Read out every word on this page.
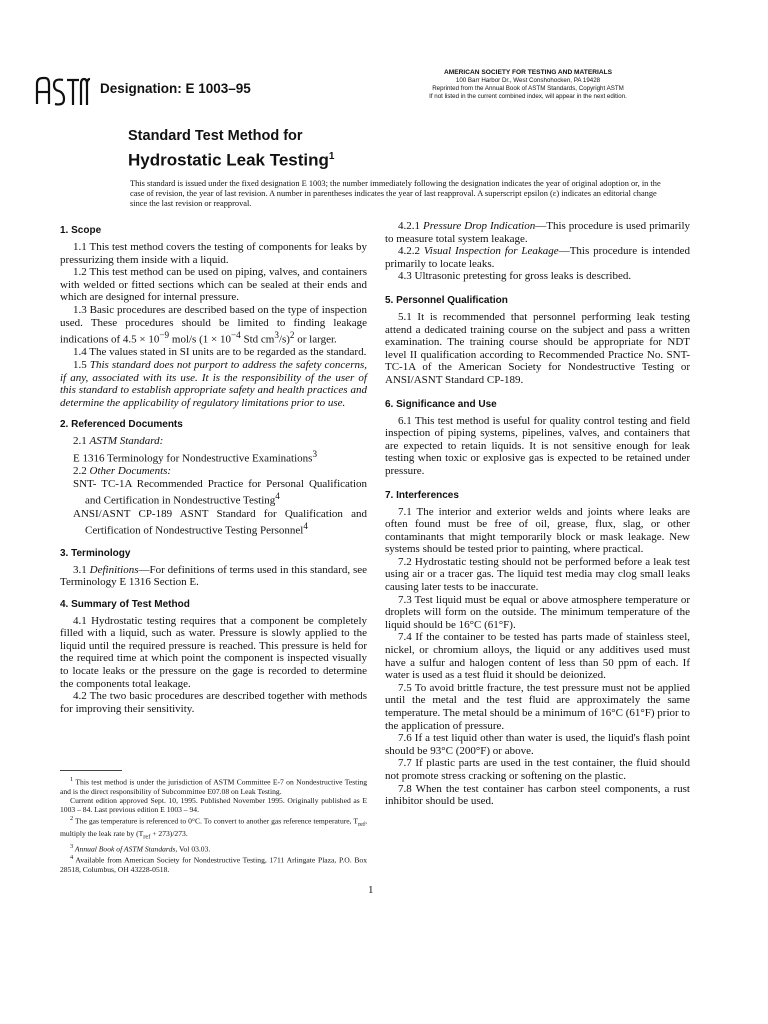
Designation: E 1003–95
AMERICAN SOCIETY FOR TESTING AND MATERIALS
100 Barr Harbor Dr., West Conshohocken, PA 19428
Reprinted from the Annual Book of ASTM Standards, Copyright ASTM
If not listed in the current combined index, will appear in the next edition.
Standard Test Method for
Hydrostatic Leak Testing$^1$
This standard is issued under the fixed designation E 1003; the number immediately following the designation indicates the year of original adoption or, in the case of revision, the year of last revision. A number in parentheses indicates the year of last reapproval. A superscript epsilon (ε) indicates an editorial change since the last revision or reapproval.
1. Scope

1.1 This test method covers the testing of components for leaks by pressurizing them inside with a liquid.

1.2 This test method can be used on piping, valves, and containers with welded or fitted sections which can be sealed at their ends and which are designed for internal pressure.

1.3 Basic procedures are described based on the type of inspection used. These procedures should be limited to finding leakage indications of $4.5 \times 10^{-9}$ mol/s ($1 \times 10^{-4}$ Std $cm^3/s)^2$ or larger.

1.4 The values stated in SI units are to be regarded as the standard.

1.5 This standard does not purport to address the safety concerns, if any, associated with its use. It is the responsibility of the user of this standard to establish appropriate safety and health practices and determine the applicability of regulatory limitations prior to use.

2. Referenced Documents

2.1 ASTM Standard:

E 1316 Terminology for Nondestructive Examinations$^3$

2.2 Other Documents:

SNT- TC-1A Recommended Practice for Personal Qualification and Certification in Nondestructive Testing$^4$

ANSI/ASNT CP-189 ASNT Standard for Qualification and Certification of Nondestructive Testing Personnel$^4$

3. Terminology

3.1 Definitions—For definitions of terms used in this standard, see Terminology E 1316 Section E.

4. Summary of Test Method

4.1 Hydrostatic testing requires that a component be completely filled with a liquid, such as water. Pressure is slowly applied to the liquid until the required pressure is reached. This pressure is held for the required time at which point the component is inspected visually to locate leaks or the pressure on the gage is recorded to determine the components total leakage.

4.2 The two basic procedures are described together with methods for improving their sensitivity.

$^1$ This test method is under the jurisdiction of ASTM Committee E-7 on Nondestructive Testing and is the direct responsibility of Subcommittee E07.08 on Leak Testing.

Current edition approved Sept. 10, 1995. Published November 1995. Originally published as E 1003 – 84. Last previous edition E 1003 – 94.

$^2$ The gas temperature is referenced to 0°C. To convert to another gas reference temperature, $T_{ref}$, multiply the leak rate by $(T_{ref} + 273)/273$.

$^3$ Annual Book of ASTM Standards, Vol 03.03.

$^4$ Available from American Society for Nondestructive Testing, 1711 Arlingate Plaza, P.O. Box 28518, Columbus, OH 43228-0518.

4.2.1 Pressure Drop Indication—This procedure is used primarily to measure total system leakage.

4.2.2 Visual Inspection for Leakage—This procedure is intended primarily to locate leaks.

4.3 Ultrasonic pretesting for gross leaks is described.

5. Personnel Qualification

5.1 It is recommended that personnel performing leak testing attend a dedicated training course on the subject and pass a written examination. The training course should be appropriate for NDT level II qualification according to Recommended Practice No. SNT-TC-1A of the American Society for Nondestructive Testing or ANSI/ASNT Standard CP-189.

6. Significance and Use

6.1 This test method is useful for quality control testing and field inspection of piping systems, pipelines, valves, and containers that are expected to retain liquids. It is not sensitive enough for leak testing when toxic or explosive gas is expected to be retained under pressure.

7. Interferences

7.1 The interior and exterior welds and joints where leaks are often found must be free of oil, grease, flux, slag, or other contaminants that might temporarily block or mask leakage. New systems should be tested prior to painting, where practical.

7.2 Hydrostatic testing should not be performed before a leak test using air or a tracer gas. The liquid test media may clog small leaks causing later tests to be inaccurate.

7.3 Test liquid must be equal or above atmosphere temperature or droplets will form on the outside. The minimum temperature of the liquid should be 16°C (61°F).

7.4 If the container to be tested has parts made of stainless steel, nickel, or chromium alloys, the liquid or any additives used must have a sulfur and halogen content of less than 50 ppm of each. If water is used as a test fluid it should be deionized.

7.5 To avoid brittle fracture, the test pressure must not be applied until the metal and the test fluid are approximately the same temperature. The metal should be a minimum of 16°C (61°F) prior to the application of pressure.

7.6 If a test liquid other than water is used, the liquid's flash point should be 93°C (200°F) or above.

7.7 If plastic parts are used in the test container, the fluid should not promote stress cracking or softening on the plastic.

7.8 When the test container has carbon steel components, a rust inhibitor should be used.

1
